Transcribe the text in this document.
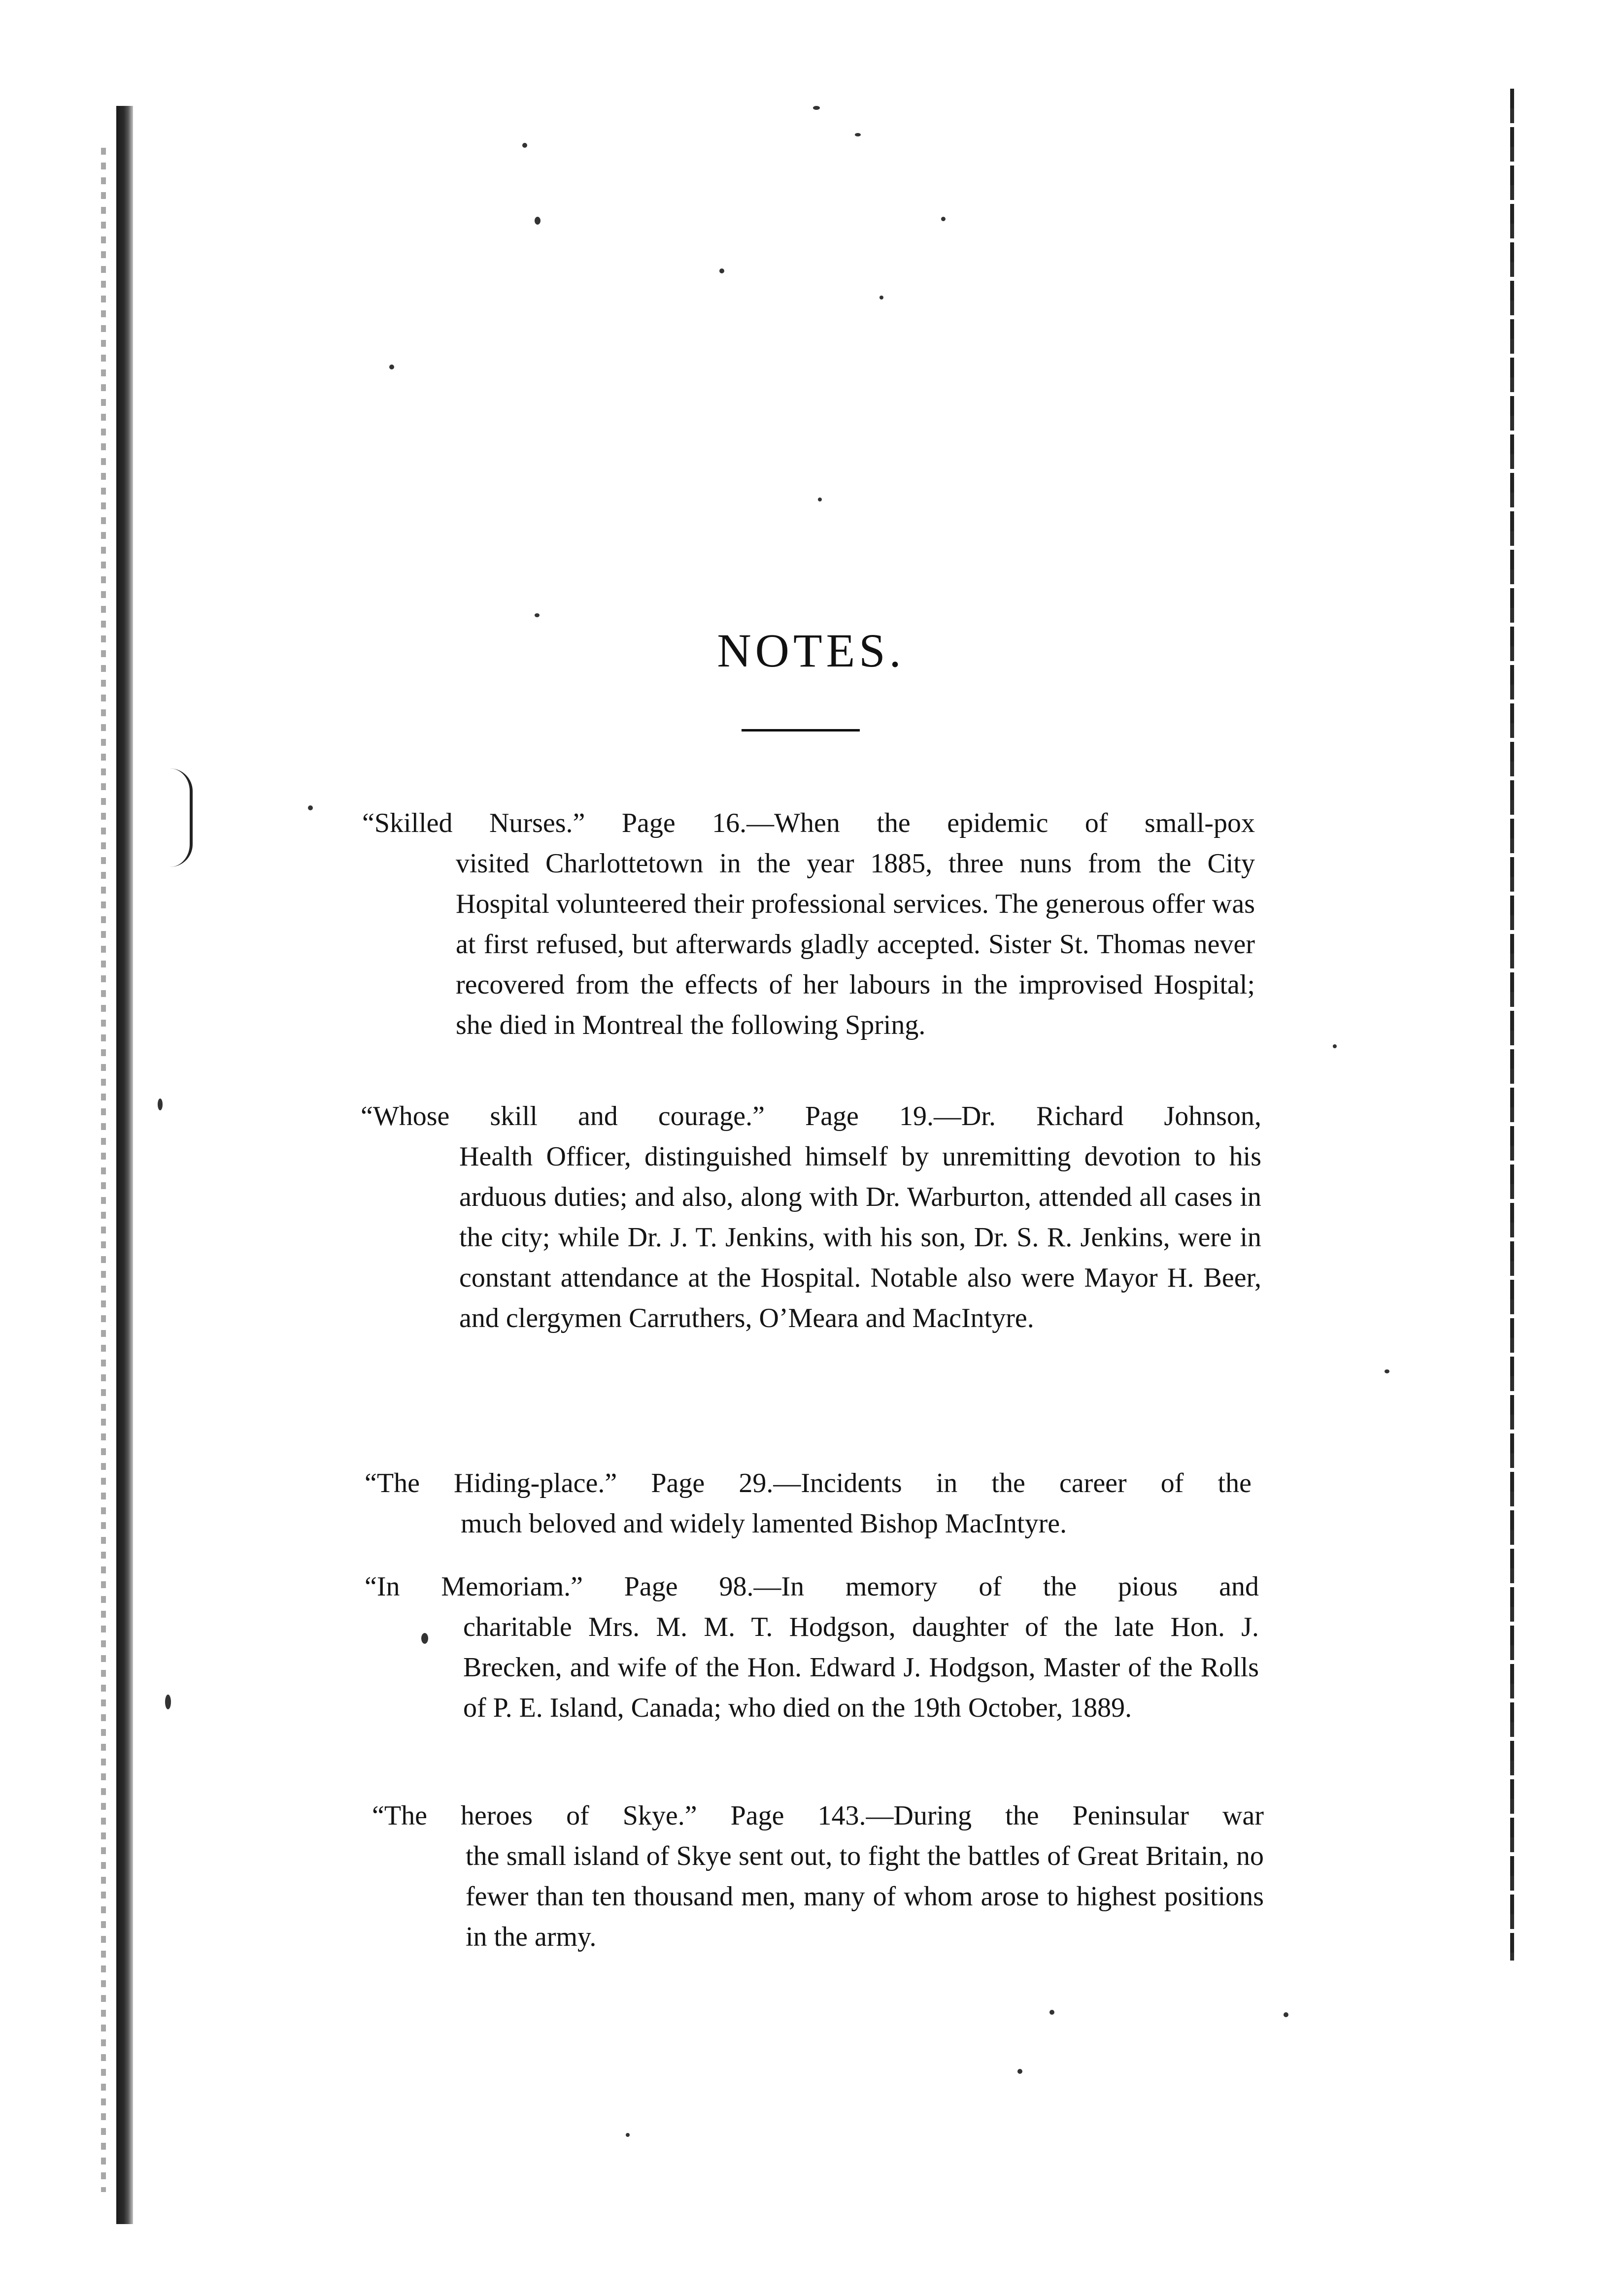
NOTES.
“Skilled Nurses.” Page 16.—When the epidemic of small-pox
visited Charlottetown in the year 1885, three nuns from the City Hospital volunteered their professional services. The generous offer was at first refused, but afterwards gladly accepted. Sister St. Thomas never recovered from the effects of her labours in the improvised Hospital; she died in Montreal the following Spring.
“Whose skill and courage.” Page 19.—Dr. Richard Johnson,
Health Officer, distinguished himself by unremitting devotion to his arduous duties; and also, along with Dr. Warburton, attended all cases in the city; while Dr. J. T. Jenkins, with his son, Dr. S. R. Jenkins, were in constant attendance at the Hospital. Notable also were Mayor H. Beer, and clergymen Carruthers, O’Meara and MacIntyre.
“The Hiding-place.” Page 29.—Incidents in the career of the
much beloved and widely lamented Bishop MacIntyre.
“In Memoriam.” Page 98.—In memory of the pious and
charitable Mrs. M. M. T. Hodgson, daughter of the late Hon. J. Brecken, and wife of the Hon. Edward J. Hodgson, Master of the Rolls of P. E. Island, Canada; who died on the 19th October, 1889.
“The heroes of Skye.” Page 143.—During the Peninsular war
the small island of Skye sent out, to fight the battles of Great Britain, no fewer than ten thousand men, many of whom arose to highest positions in the army.
